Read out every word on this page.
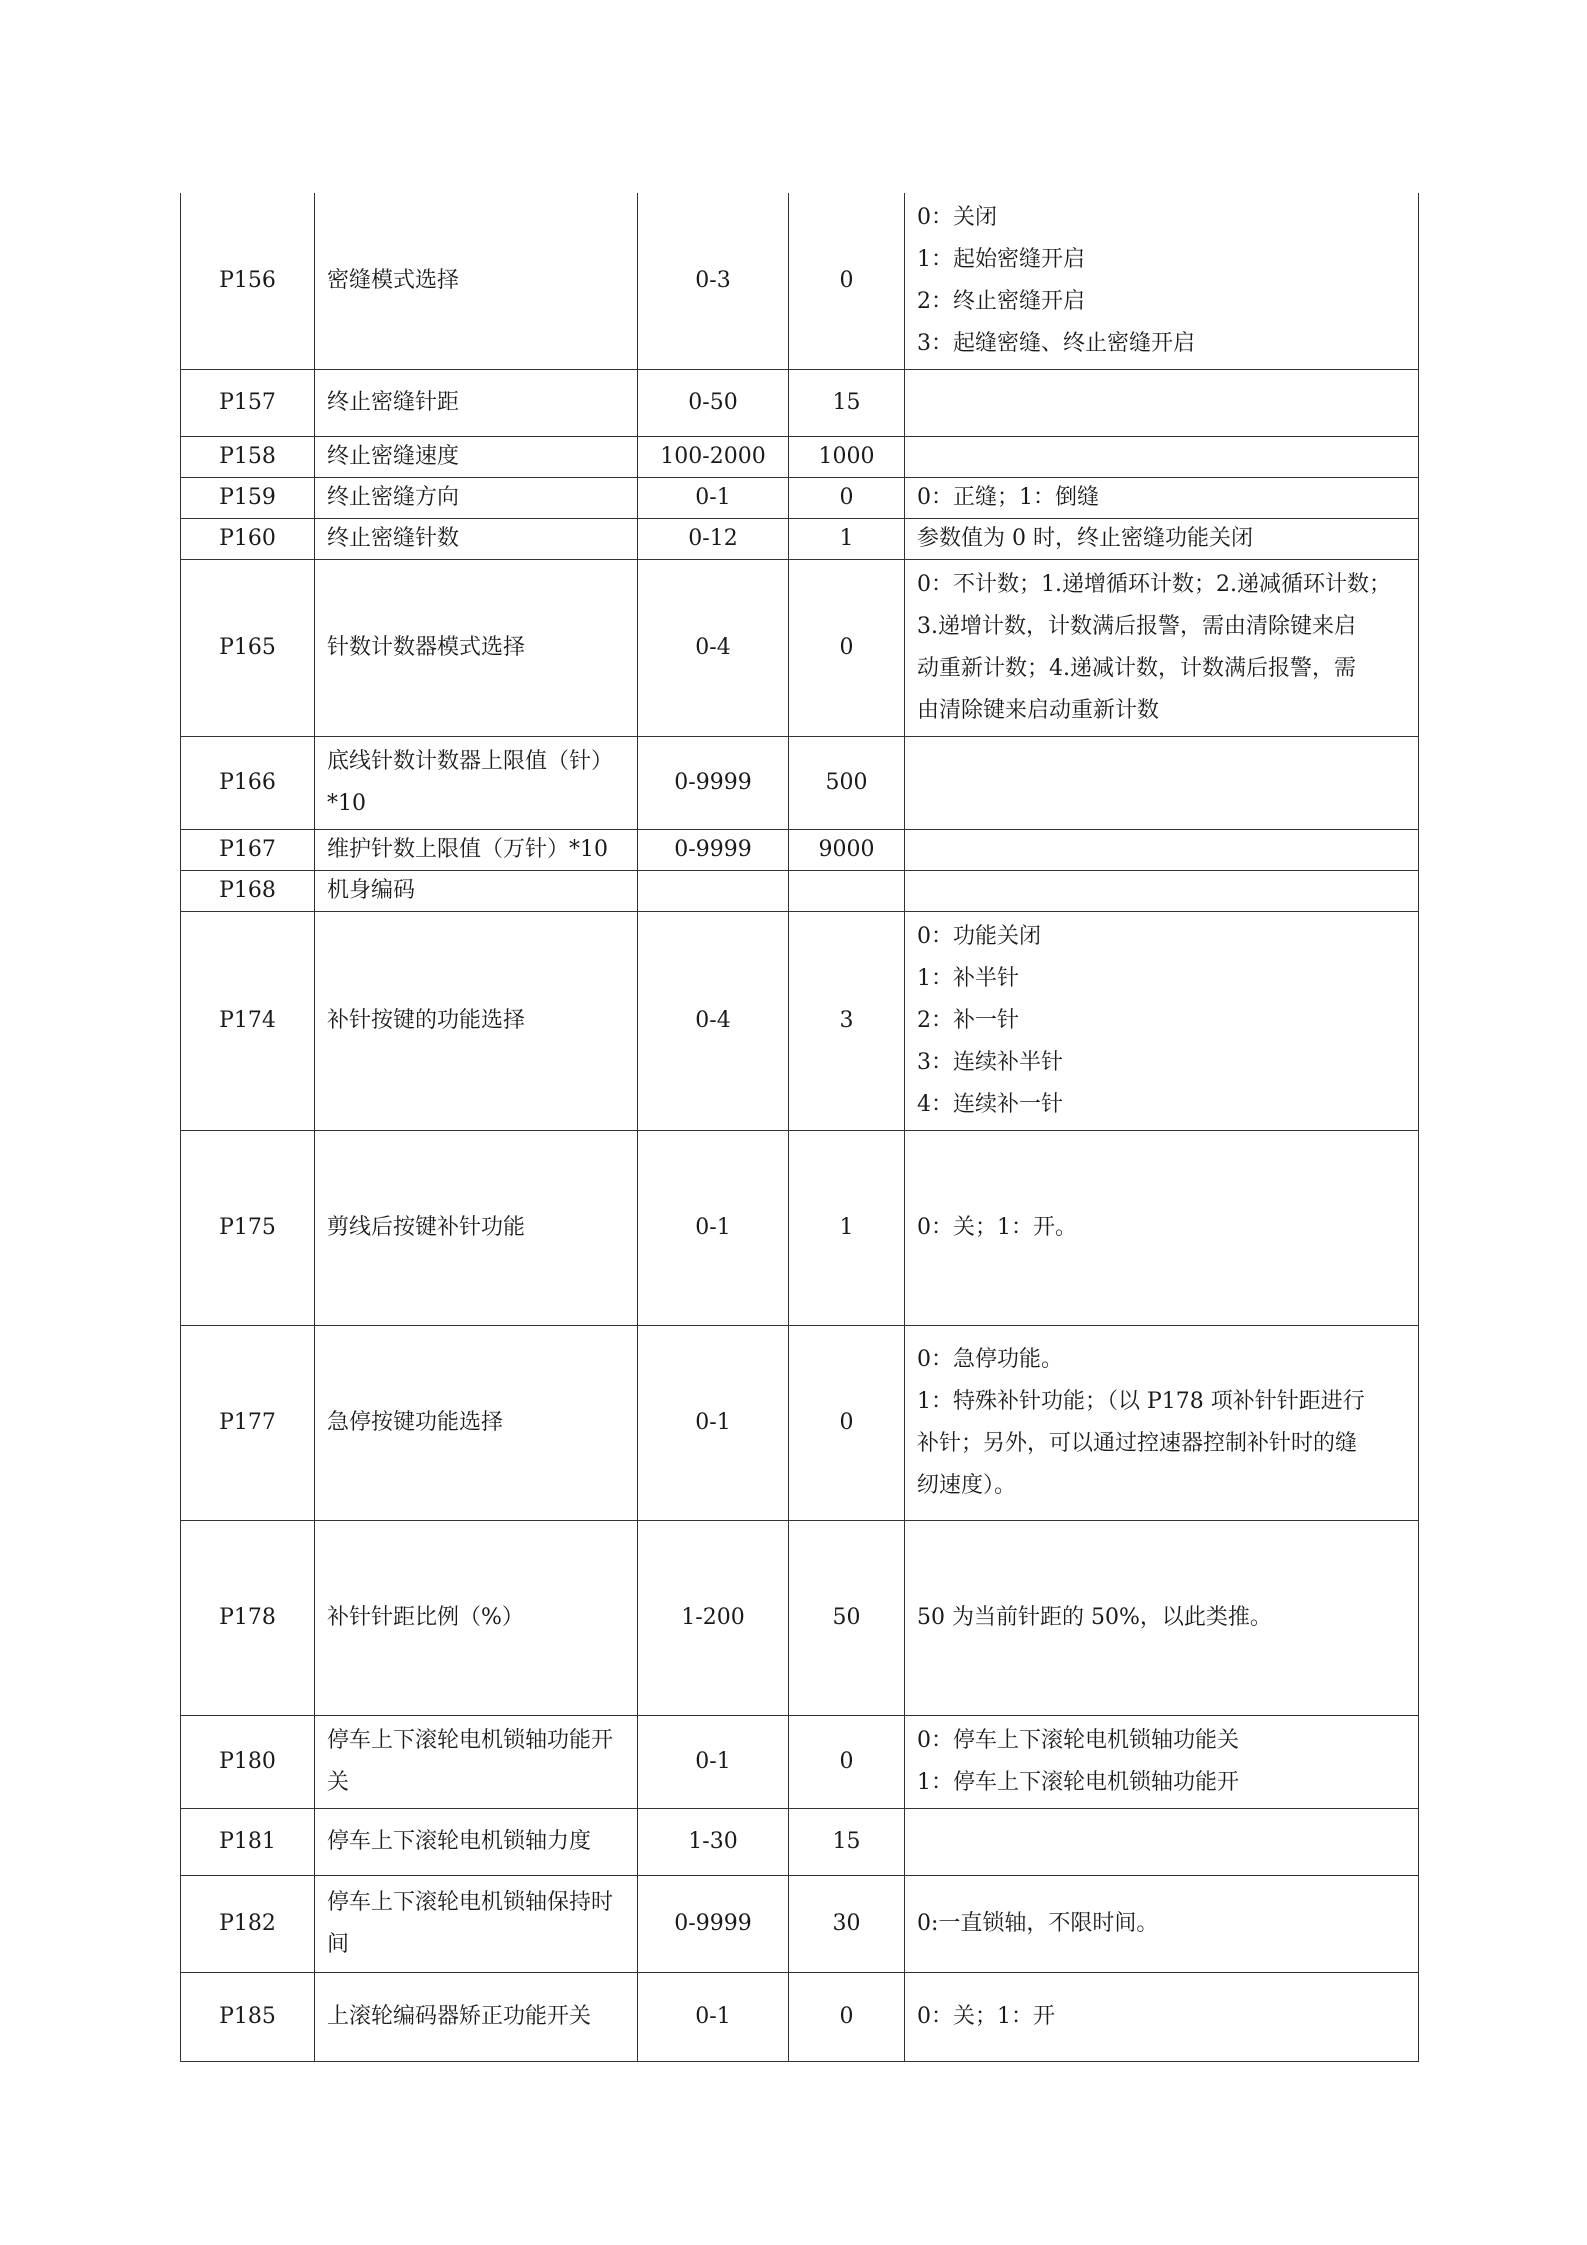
P156	密缝模式选择	0-3	0	0：关闭
1：起始密缝开启
2：终止密缝开启
3：起缝密缝、终止密缝开启

P157	终止密缝针距	0-50	15	
P158	终止密缝速度	100-2000	1000	
P159	终止密缝方向	0-1	0	0：正缝；1：倒缝

P160	终止密缝针数	0-12	1	参数值为 0 时，终止密缝功能关闭

P165	针数计数器模式选择	0-4	0	0：不计数；1.递增循环计数；2.递减循环计数；
3.递增计数，计数满后报警，需由清除键来启
动重新计数；4.递减计数，计数满后报警，需
由清除键来启动重新计数

P166	底线针数计数器上限值（针）*10	0-9999	500	
P167	维护针数上限值（万针）*10	0-9999	9000	
P168	机身编码			
P174	补针按键的功能选择	0-4	3	0：功能关闭
1：补半针
2：补一针
3：连续补半针
4：连续补一针

P175	剪线后按键补针功能	0-1	1	0：关；1：开。

P177	急停按键功能选择	0-1	0	0：急停功能。
1：特殊补针功能；（以 P178 项补针针距进行
补针；另外，可以通过控速器控制补针时的缝
纫速度）。

P178	补针针距比例（%）	1-200	50	50 为当前针距的 50%，以此类推。

P180	停车上下滚轮电机锁轴功能开关	0-1	0	0：停车上下滚轮电机锁轴功能关
1：停车上下滚轮电机锁轴功能开

P181	停车上下滚轮电机锁轴力度	1-30	15	
P182	停车上下滚轮电机锁轴保持时间	0-9999	30	0:一直锁轴，不限时间。

P185	上滚轮编码器矫正功能开关	0-1	0	0：关；1：开
